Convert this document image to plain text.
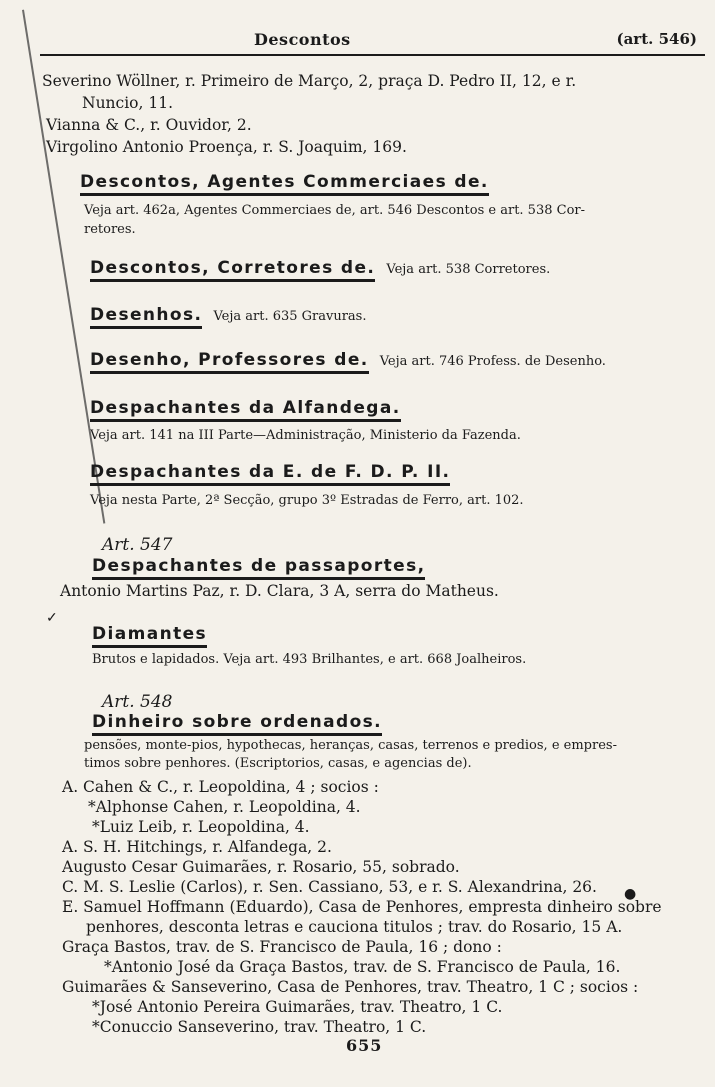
Descontos	(art. 546)
Severino Wöllner, r. Primeiro de Março, 2, praça D. Pedro II, 12, e r.
Nuncio, 11.
Vianna & C., r. Ouvidor, 2.
Virgolino Antonio Proença, r. S. Joaquim, 169.
Descontos, Agentes Commerciaes de.
Veja art. 462a, Agentes Commerciaes de, art. 546 Descontos e art. 538 Cor-
retores.
Descontos, Corretores de. Veja art. 538 Corretores.
Desenhos. Veja art. 635 Gravuras.
Desenho, Professores de. Veja art. 746 Profess. de Desenho.
Despachantes da Alfandega.
Veja art. 141 na III Parte—Administração, Ministerio da Fazenda.
Despachantes da E. de F. D. P. II.
Veja nesta Parte, 2ª Secção, grupo 3º Estradas de Ferro, art. 102.
Art. 547
Despachantes de passaportes,
Antonio Martins Paz, r. D. Clara, 3 A, serra do Matheus.
Diamantes
Brutos e lapidados. Veja art. 493 Brilhantes, e art. 668 Joalheiros.
Art. 548
Dinheiro sobre ordenados.
pensões, monte-pios, hypothecas, heranças, casas, terrenos e predios, e empres-
timos sobre penhores. (Escriptorios, casas, e agencias de).
A. Cahen & C., r. Leopoldina, 4 ; socios :
*Alphonse Cahen, r. Leopoldina, 4.
*Luiz Leib, r. Leopoldina, 4.
A. S. H. Hitchings, r. Alfandega, 2.
Augusto Cesar Guimarães, r. Rosario, 55, sobrado.
C. M. S. Leslie (Carlos), r. Sen. Cassiano, 53, e r. S. Alexandrina, 26.
E. Samuel Hoffmann (Eduardo), Casa de Penhores, empresta dinheiro sobre
penhores, desconta letras e cauciona titulos ; trav. do Rosario, 15 A.
Graça Bastos, trav. de S. Francisco de Paula, 16 ; dono :
*Antonio José da Graça Bastos, trav. de S. Francisco de Paula, 16.
Guimarães & Sanseverino, Casa de Penhores, trav. Theatro, 1 C ; socios :
*José Antonio Pereira Guimarães, trav. Theatro, 1 C.
*Conuccio Sanseverino, trav. Theatro, 1 C.
655
✓
●
